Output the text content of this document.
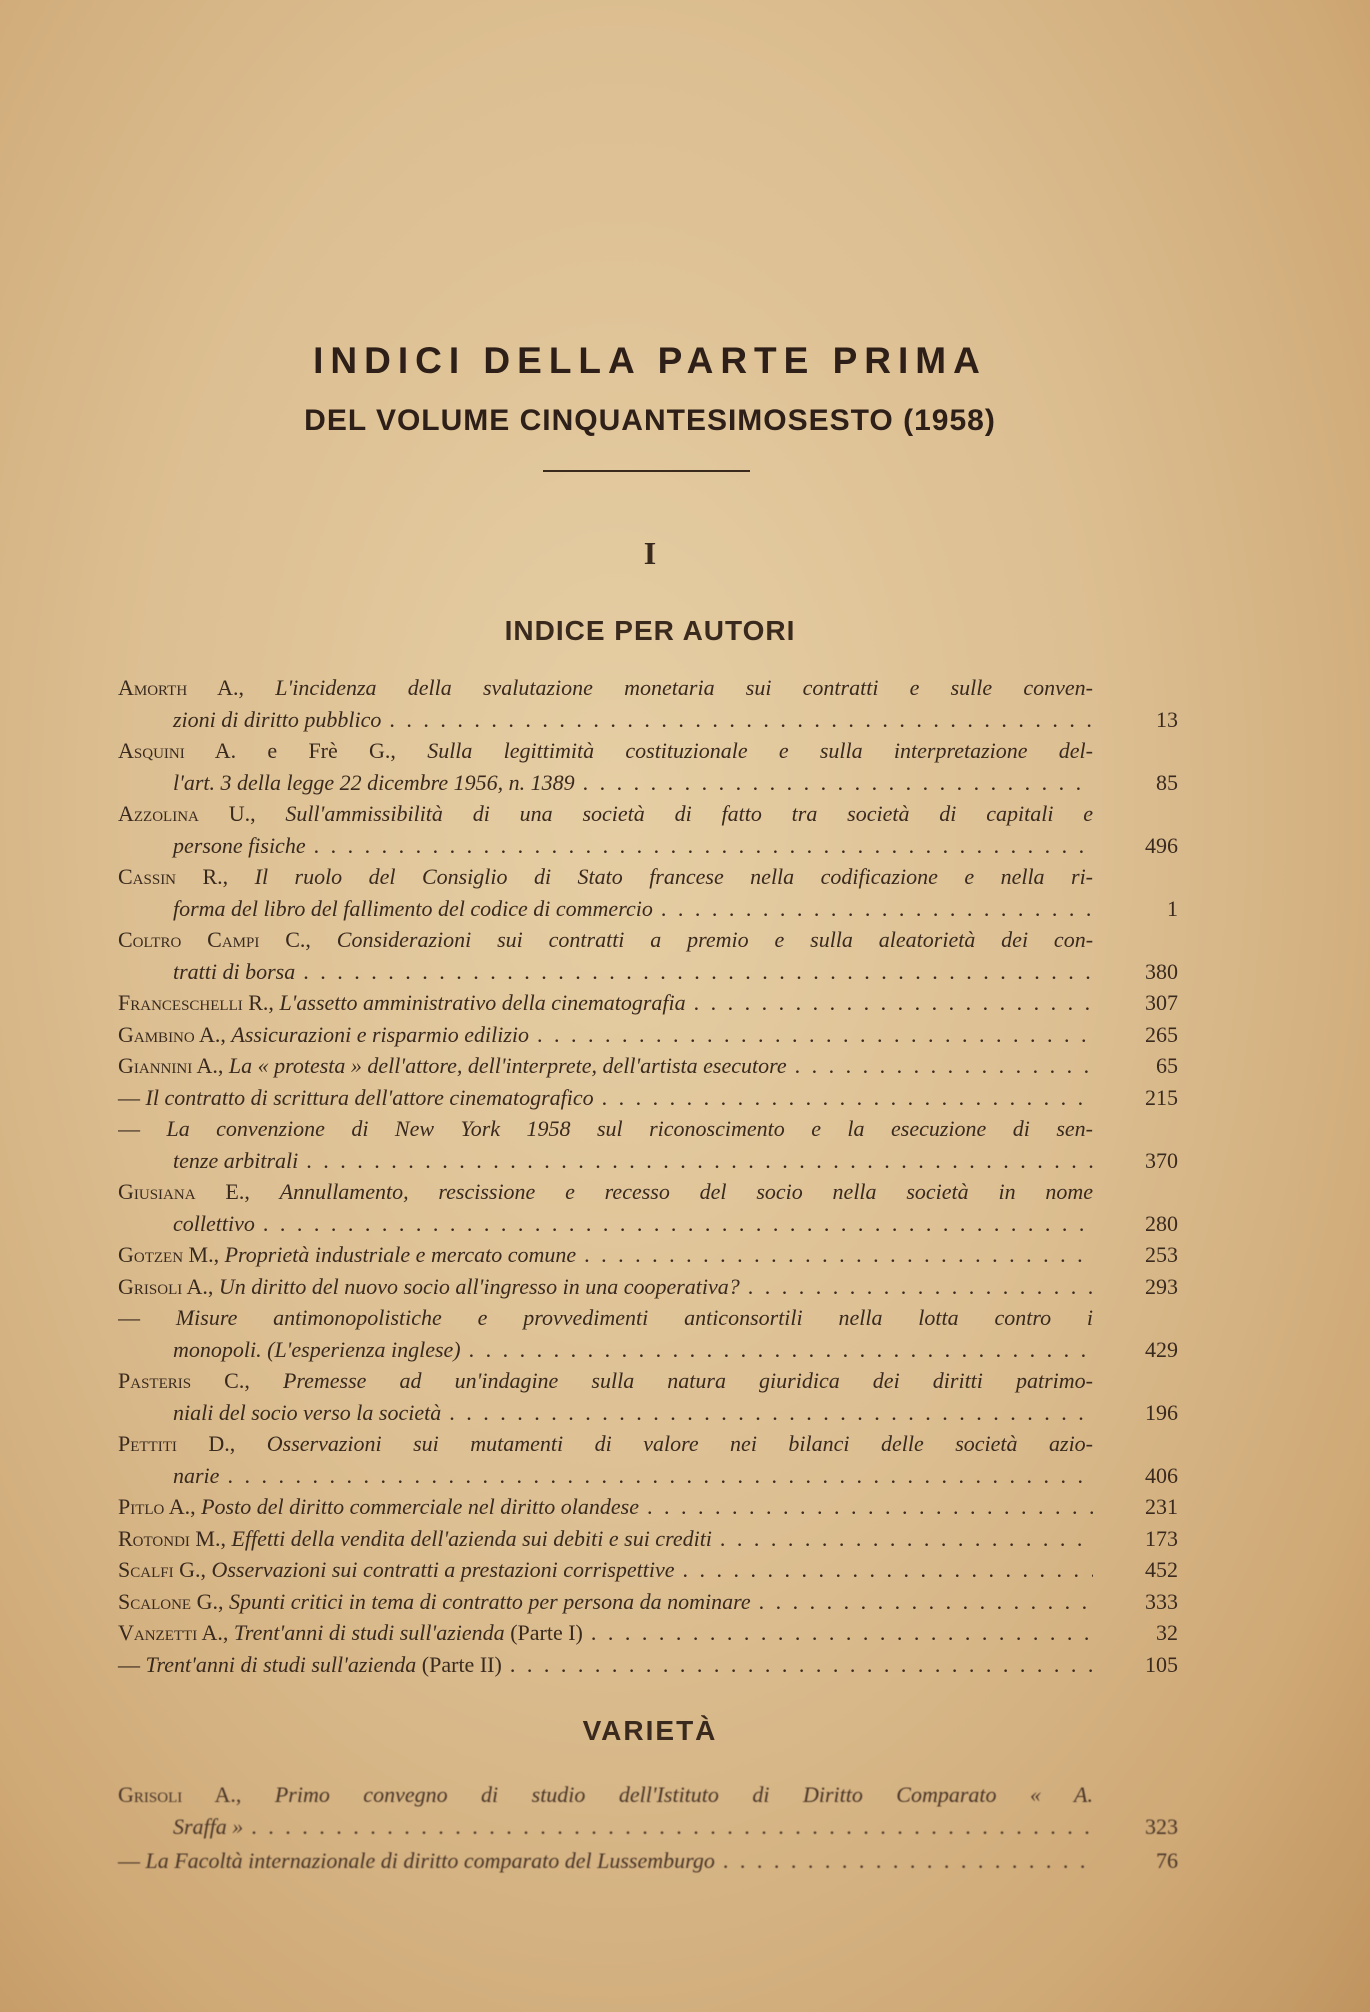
INDICI DELLA PARTE PRIMA
DEL VOLUME CINQUANTESIMOSESTO (1958)
I
INDICE PER AUTORI
Amorth A., L'incidenza della svalutazione monetaria sui contratti e sulle conven-
zioni di diritto pubblico . . .	13
Asquini A. e Frè G., Sulla legittimità costituzionale e sulla interpretazione del-
l'art. 3 della legge 22 dicembre 1956, n. 1389 . . .	85
Azzolina U., Sull'ammissibilità di una società di fatto tra società di capitali e
persone fisiche . . .	496
Cassin R., Il ruolo del Consiglio di Stato francese nella codificazione e nella ri-
forma del libro del fallimento del codice di commercio . . .	1
Coltro Campi C., Considerazioni sui contratti a premio e sulla aleatorietà dei con-
tratti di borsa . . .	380
Franceschelli R., L'assetto amministrativo della cinematografia . . .	307
Gambino A., Assicurazioni e risparmio edilizio . . .	265
Giannini A., La « protesta » dell'attore, dell'interprete, dell'artista esecutore . . .	65
— Il contratto di scrittura dell'attore cinematografico . . .	215
— La convenzione di New York 1958 sul riconoscimento e la esecuzione di sen-
tenze arbitrali . . .	370
Giusiana E., Annullamento, rescissione e recesso del socio nella società in nome
collettivo . . .	280
Gotzen M., Proprietà industriale e mercato comune . . .	253
Grisoli A., Un diritto del nuovo socio all'ingresso in una cooperativa? . . .	293
— Misure antimonopolistiche e provvedimenti anticonsortili nella lotta contro i
monopoli. (L'esperienza inglese) . . .	429
Pasteris C., Premesse ad un'indagine sulla natura giuridica dei diritti patrimo-
niali del socio verso la società . . .	196
Pettiti D., Osservazioni sui mutamenti di valore nei bilanci delle società azio-
narie . . .	406
Pitlo A., Posto del diritto commerciale nel diritto olandese . . .	231
Rotondi M., Effetti della vendita dell'azienda sui debiti e sui crediti . . .	173
Scalfi G., Osservazioni sui contratti a prestazioni corrispettive . . .	452
Scalone G., Spunti critici in tema di contratto per persona da nominare . . .	333
Vanzetti A., Trent'anni di studi sull'azienda (Parte I) . . .	32
— Trent'anni di studi sull'azienda (Parte II) . . .	105
VARIETÀ
Grisoli A., Primo convegno di studio dell'Istituto di Diritto Comparato « A.
Sraffa » . . .	323
— La Facoltà internazionale di diritto comparato del Lussemburgo . . .	76
